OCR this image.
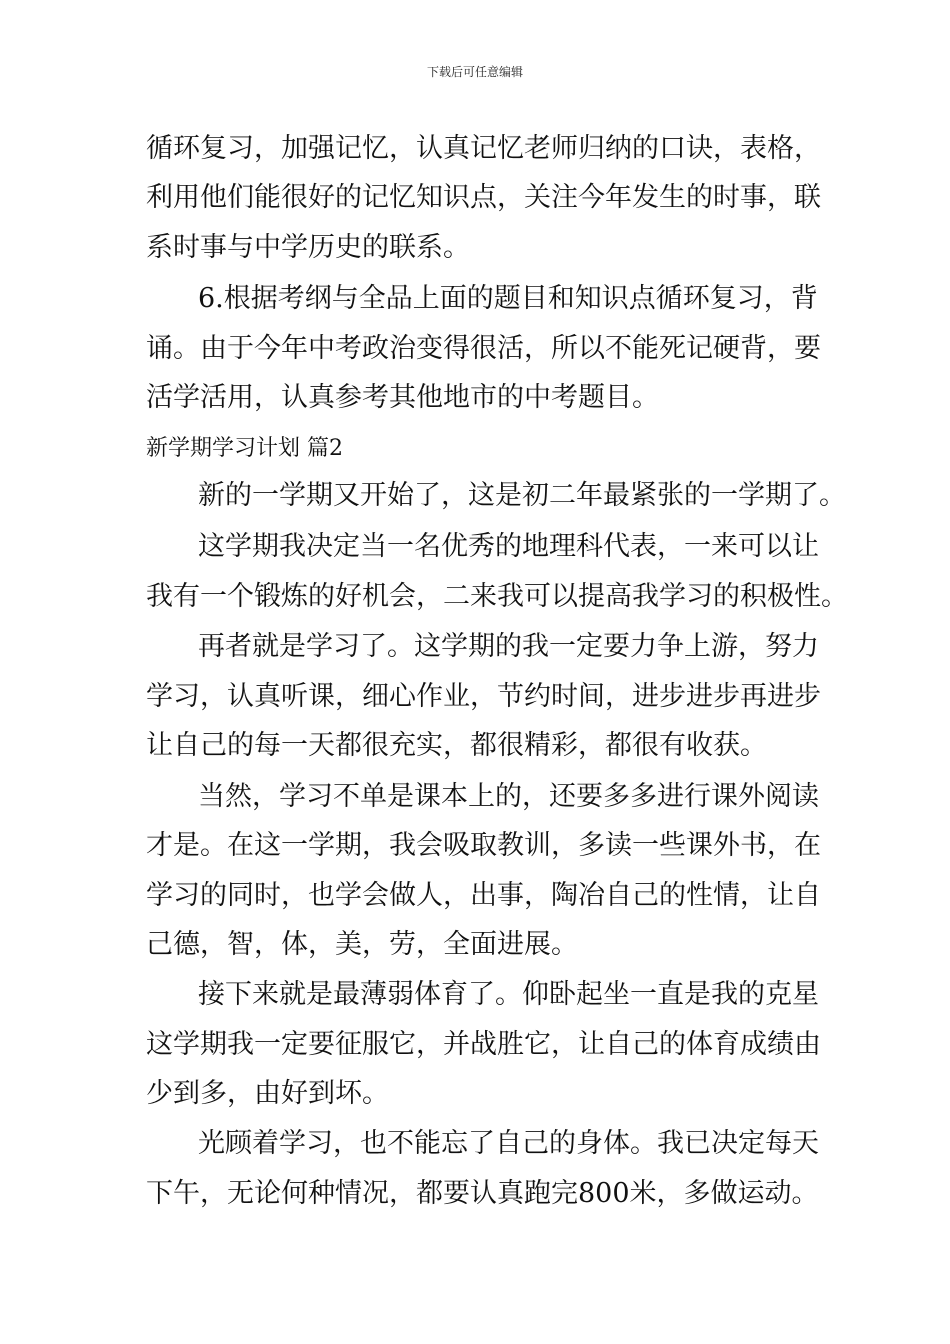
下载后可任意编辑
循环复习，加强记忆，认真记忆老师归纳的口诀，表格，
利用他们能很好的记忆知识点，关注今年发生的时事，联
系时事与中学历史的联系。
6.根据考纲与全品上面的题目和知识点循环复习，背
诵。由于今年中考政治变得很活，所以不能死记硬背，要
活学活用，认真参考其他地市的中考题目。
新学期学习计划 篇2
新的一学期又开始了，这是初二年最紧张的一学期了。
这学期我决定当一名优秀的地理科代表，一来可以让
我有一个锻炼的好机会，二来我可以提高我学习的积极性。
再者就是学习了。这学期的我一定要力争上游，努力
学习，认真听课，细心作业，节约时间，进步进步再进步
让自己的每一天都很充实，都很精彩，都很有收获。
当然，学习不单是课本上的，还要多多进行课外阅读
才是。在这一学期，我会吸取教训，多读一些课外书，在
学习的同时，也学会做人，出事，陶冶自己的性情，让自
己德，智，体，美，劳，全面进展。
接下来就是最薄弱体育了。仰卧起坐一直是我的克星
这学期我一定要征服它，并战胜它，让自己的体育成绩由
少到多，由好到坏。
光顾着学习，也不能忘了自己的身体。我已决定每天
下午，无论何种情况，都要认真跑完800米，多做运动。
